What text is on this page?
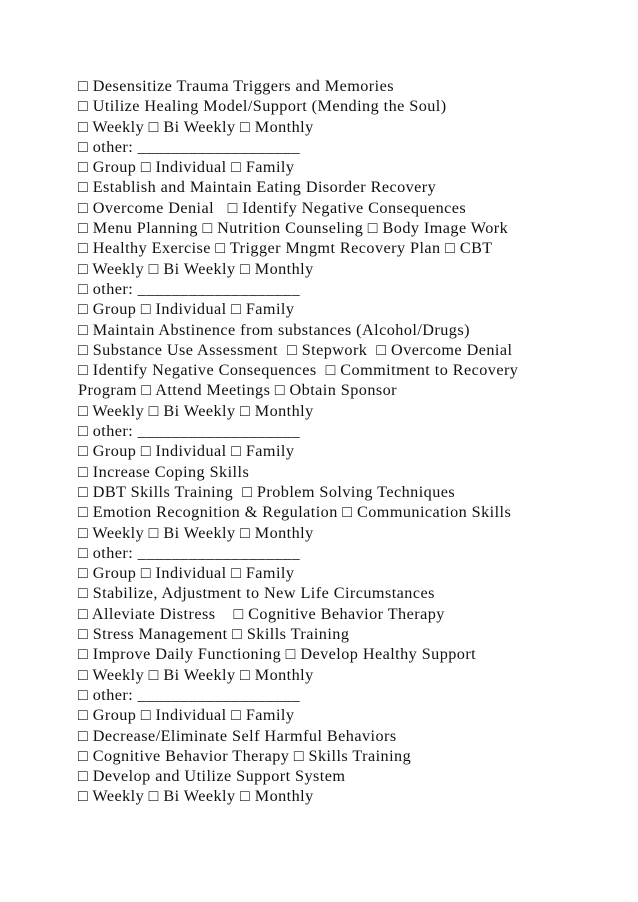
□ Desensitize Trauma Triggers and Memories
□ Utilize Healing Model/Support (Mending the Soul)
□ Weekly □ Bi Weekly □ Monthly
□ other: ___________________
□ Group □ Individual □ Family
□ Establish and Maintain Eating Disorder Recovery
□ Overcome Denial   □ Identify Negative Consequences
□ Menu Planning □ Nutrition Counseling □ Body Image Work
□ Healthy Exercise □ Trigger Mngmt Recovery Plan □ CBT
□ Weekly □ Bi Weekly □ Monthly
□ other: ___________________
□ Group □ Individual □ Family
□ Maintain Abstinence from substances (Alcohol/Drugs)
□ Substance Use Assessment  □ Stepwork  □ Overcome Denial
□ Identify Negative Consequences  □ Commitment to Recovery
Program □ Attend Meetings □ Obtain Sponsor
□ Weekly □ Bi Weekly □ Monthly
□ other: ___________________
□ Group □ Individual □ Family
□ Increase Coping Skills
□ DBT Skills Training  □ Problem Solving Techniques
□ Emotion Recognition & Regulation □ Communication Skills
□ Weekly □ Bi Weekly □ Monthly
□ other: ___________________
□ Group □ Individual □ Family
□ Stabilize, Adjustment to New Life Circumstances
□ Alleviate Distress    □ Cognitive Behavior Therapy
□ Stress Management □ Skills Training
□ Improve Daily Functioning □ Develop Healthy Support
□ Weekly □ Bi Weekly □ Monthly
□ other: ___________________
□ Group □ Individual □ Family
□ Decrease/Eliminate Self Harmful Behaviors
□ Cognitive Behavior Therapy □ Skills Training
□ Develop and Utilize Support System
□ Weekly □ Bi Weekly □ Monthly
